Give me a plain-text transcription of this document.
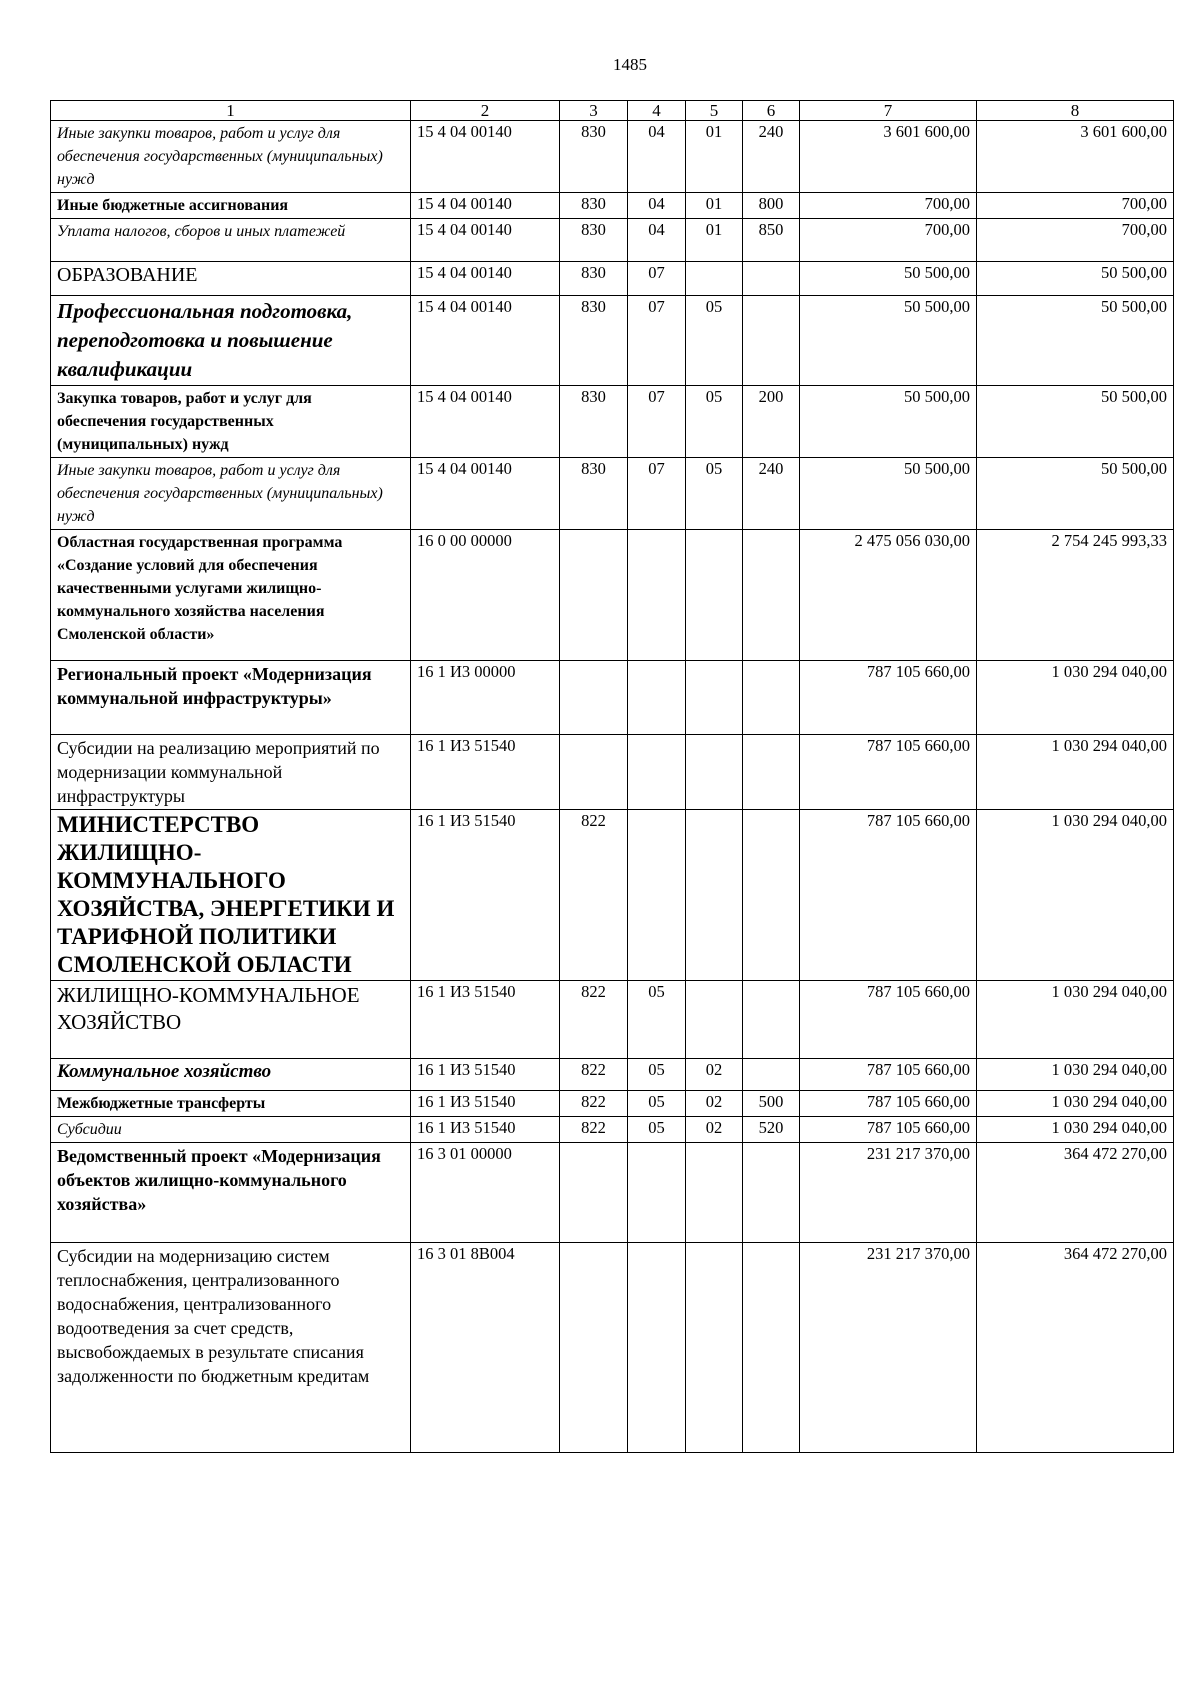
1485
1	2	3	4	5	6	7	8
Иные закупки товаров, работ и услуг для обеспечения государственных (муниципальных) нужд	15 4 04 00140	830	04	01	240	3 601 600,00	3 601 600,00
Иные бюджетные ассигнования	15 4 04 00140	830	04	01	800	700,00	700,00
Уплата налогов, сборов и иных платежей	15 4 04 00140	830	04	01	850	700,00	700,00
ОБРАЗОВАНИЕ	15 4 04 00140	830	07			50 500,00	50 500,00
Профессиональная подготовка, переподготовка и повышение квалификации	15 4 04 00140	830	07	05		50 500,00	50 500,00
Закупка товаров, работ и услуг для обеспечения государственных (муниципальных) нужд	15 4 04 00140	830	07	05	200	50 500,00	50 500,00
Иные закупки товаров, работ и услуг для обеспечения государственных (муниципальных) нужд	15 4 04 00140	830	07	05	240	50 500,00	50 500,00
Областная государственная программа «Создание условий для обеспечения качественными услугами жилищно-коммунального хозяйства населения Смоленской области»	16 0 00 00000					2 475 056 030,00	2 754 245 993,33
Региональный проект «Модернизация коммунальной инфраструктуры»	16 1 И3 00000					787 105 660,00	1 030 294 040,00
Субсидии на реализацию мероприятий по модернизации коммунальной инфраструктуры	16 1 И3 51540					787 105 660,00	1 030 294 040,00
МИНИСТЕРСТВО ЖИЛИЩНО-КОММУНАЛЬНОГО ХОЗЯЙСТВА, ЭНЕРГЕТИКИ И ТАРИФНОЙ ПОЛИТИКИ СМОЛЕНСКОЙ ОБЛАСТИ	16 1 И3 51540	822				787 105 660,00	1 030 294 040,00
ЖИЛИЩНО-КОММУНАЛЬНОЕ ХОЗЯЙСТВО	16 1 И3 51540	822	05			787 105 660,00	1 030 294 040,00
Коммунальное хозяйство	16 1 И3 51540	822	05	02		787 105 660,00	1 030 294 040,00
Межбюджетные трансферты	16 1 И3 51540	822	05	02	500	787 105 660,00	1 030 294 040,00
Субсидии	16 1 И3 51540	822	05	02	520	787 105 660,00	1 030 294 040,00
Ведомственный проект «Модернизация объектов жилищно-коммунального хозяйства»	16 3 01 00000					231 217 370,00	364 472 270,00
Субсидии на модернизацию систем теплоснабжения, централизованного водоснабжения, централизованного водоотведения за счет средств, высвобождаемых в результате списания задолженности по бюджетным кредитам	16 3 01 8В004					231 217 370,00	364 472 270,00
